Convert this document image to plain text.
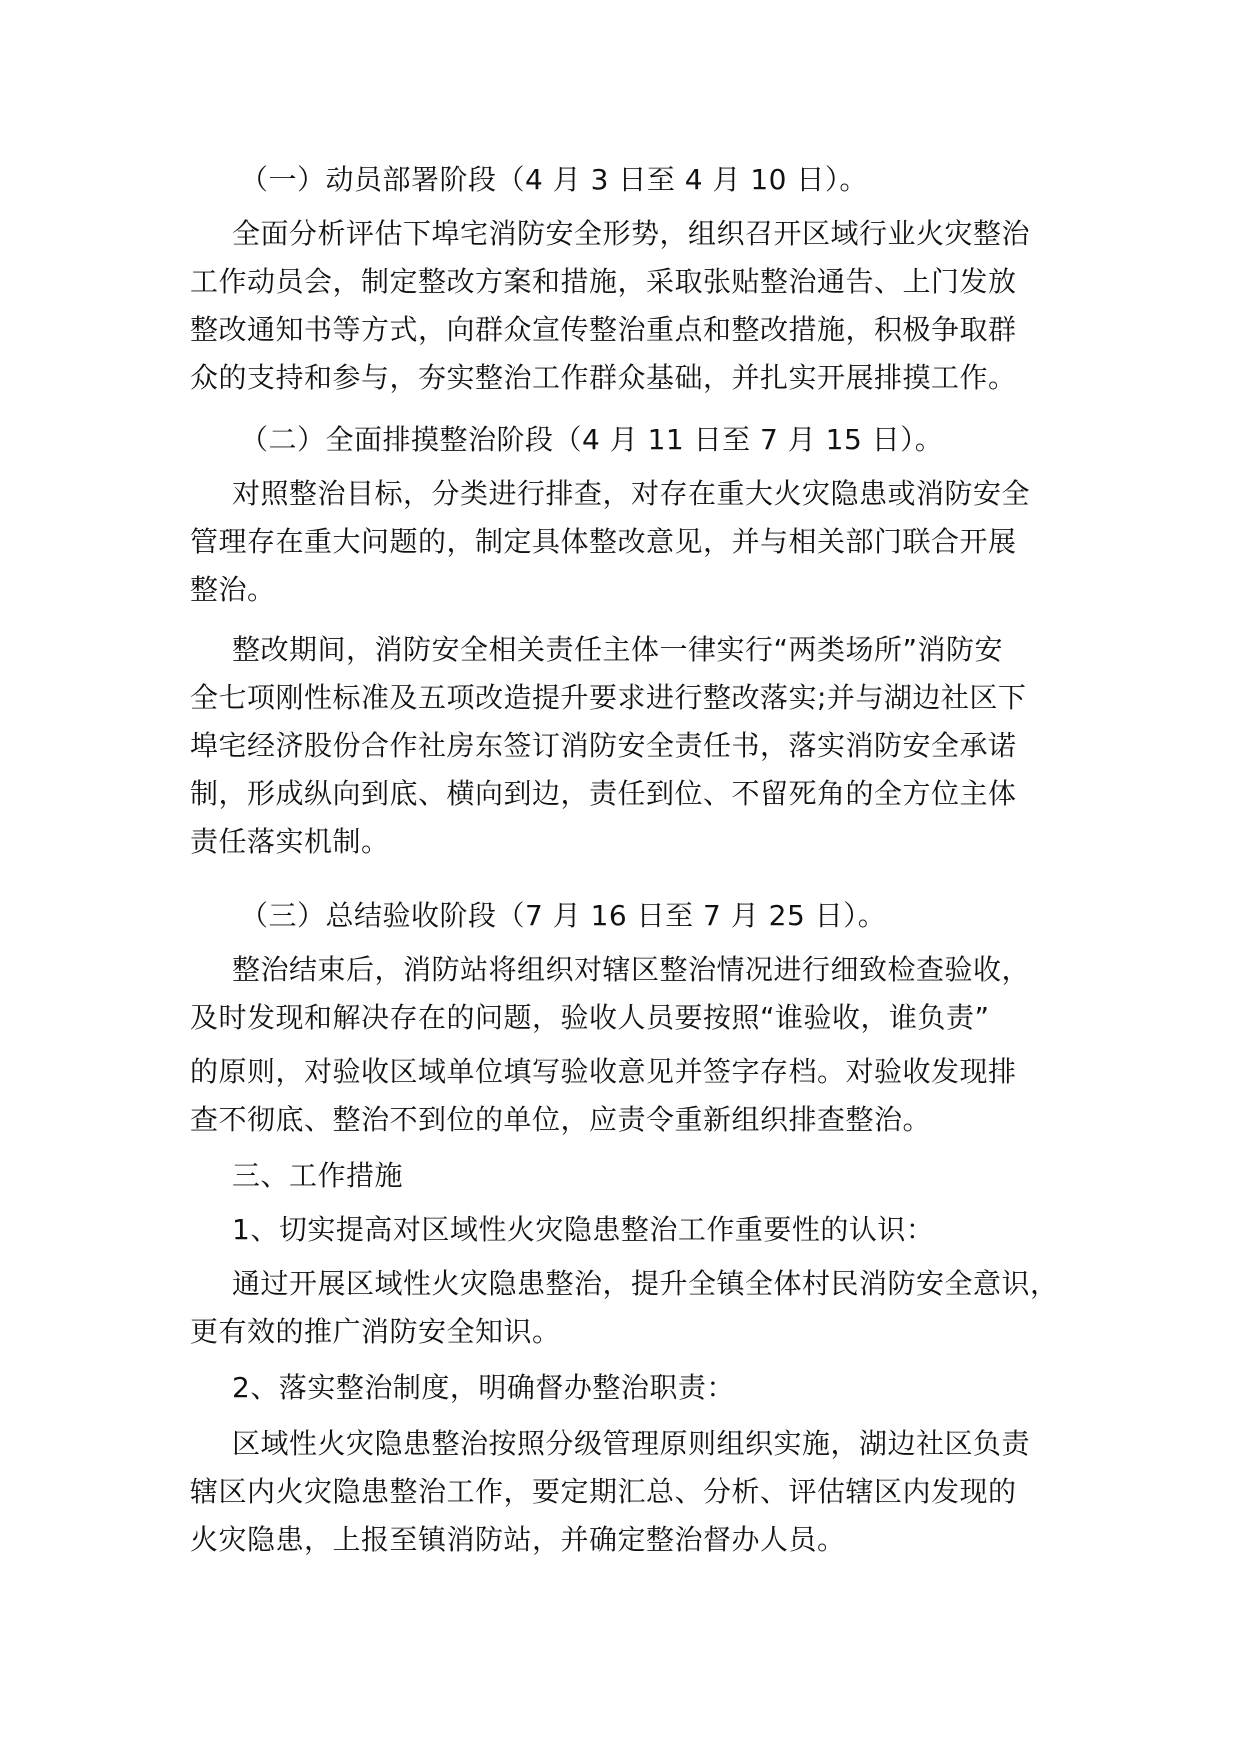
（一）动员部署阶段（4 月 3 日至 4 月 10 日）。
全面分析评估下埠宅消防安全形势，组织召开区域行业火灾整治
工作动员会，制定整改方案和措施，采取张贴整治通告、上门发放
整改通知书等方式，向群众宣传整治重点和整改措施，积极争取群
众的支持和参与，夯实整治工作群众基础，并扎实开展排摸工作。
（二）全面排摸整治阶段（4 月 11 日至 7 月 15 日）。
对照整治目标，分类进行排查，对存在重大火灾隐患或消防安全
管理存在重大问题的，制定具体整改意见，并与相关部门联合开展
整治。
整改期间，消防安全相关责任主体一律实行“两类场所”消防安
全七项刚性标准及五项改造提升要求进行整改落实;并与湖边社区下
埠宅经济股份合作社房东签订消防安全责任书，落实消防安全承诺
制，形成纵向到底、横向到边，责任到位、不留死角的全方位主体
责任落实机制。
（三）总结验收阶段（7 月 16 日至 7 月 25 日）。
整治结束后，消防站将组织对辖区整治情况进行细致检查验收，
及时发现和解决存在的问题，验收人员要按照“谁验收，谁负责”
的原则，对验收区域单位填写验收意见并签字存档。对验收发现排
查不彻底、整治不到位的单位，应责令重新组织排查整治。
三、工作措施
1、切实提高对区域性火灾隐患整治工作重要性的认识：
通过开展区域性火灾隐患整治，提升全镇全体村民消防安全意识，
更有效的推广消防安全知识。
2、落实整治制度，明确督办整治职责：
区域性火灾隐患整治按照分级管理原则组织实施，湖边社区负责
辖区内火灾隐患整治工作，要定期汇总、分析、评估辖区内发现的
火灾隐患，上报至镇消防站，并确定整治督办人员。
